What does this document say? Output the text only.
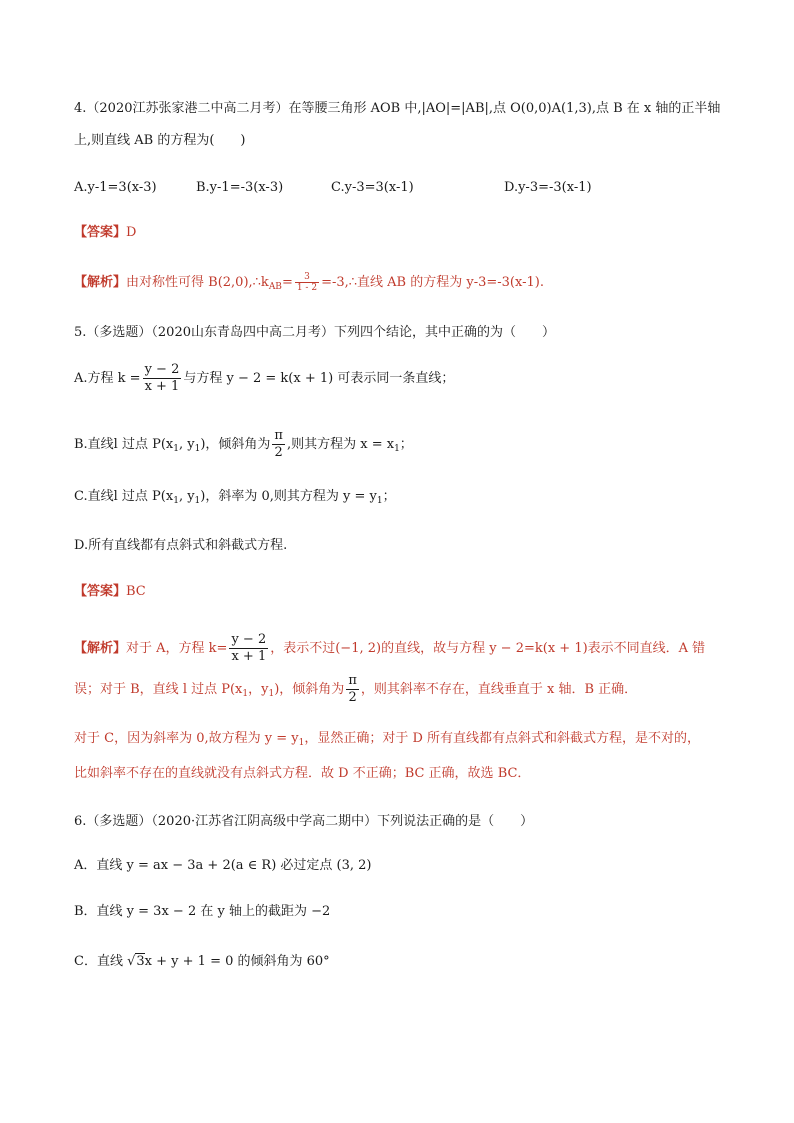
4.（2020江苏张家港二中高二月考）在等腰三角形 AOB 中,|AO|=|AB|,点 O(0,0)A(1,3),点 B 在 x 轴的正半轴
上,则直线 AB 的方程为(　　)
A.y-1=3(x-3)	B.y-1=-3(x-3)	C.y-3=3(x-1)	D.y-3=-3(x-1)
【答案】D
【解析】由对称性可得 $B(2,0),\therefore k_{AB}= \frac{3}{1 - 2}$ =-3,∴直线 AB 的方程为 y-3=-3(x-1).
5.（多选题）（2020山东青岛四中高二月考）下列四个结论，其中正确的为（　　）
A.方程 $k = \frac{y - 2}{x + 1}$ 与方程 y − 2 = k(x + 1) 可表示同一条直线；
B.直线l 过点 $P(x_1$, $y_1$)，倾斜角为 $\frac{\pi}{2}$ ,则其方程为 $x = x_1$；
C.直线l 过点 $P(x_1$, $y_1$)，斜率为 0,则其方程为 $y = y_1$；
D.所有直线都有点斜式和斜截式方程.
【答案】BC
【解析】对于 A，方程 $k= \frac{y - 2}{x + 1}$ ，表示不过(−1, 2)的直线，故与方程 y − 2=k(x + 1)表示不同直线．A 错
误；对于 B，直线 l 过点 $P(x_1$，$y_1$)，倾斜角为 $\frac{\pi}{2}$ ，则其斜率不存在，直线垂直于 x 轴．B 正确．
对于 C，因为斜率为 0,故方程为 $y = y_1$，显然正确；对于 D 所有直线都有点斜式和斜截式方程，是不对的，
比如斜率不存在的直线就没有点斜式方程．故 D 不正确；BC 正确，故选 BC．
6.（多选题）（2020·江苏省江阴高级中学高二期中）下列说法正确的是（　　）
A．直线 y = ax − 3a + 2(a ∈ R) 必过定点 (3, 2)
B．直线 y = 3x − 2 在 y 轴上的截距为 −2
C．直线 √3x + y + 1 = 0 的倾斜角为 60°
